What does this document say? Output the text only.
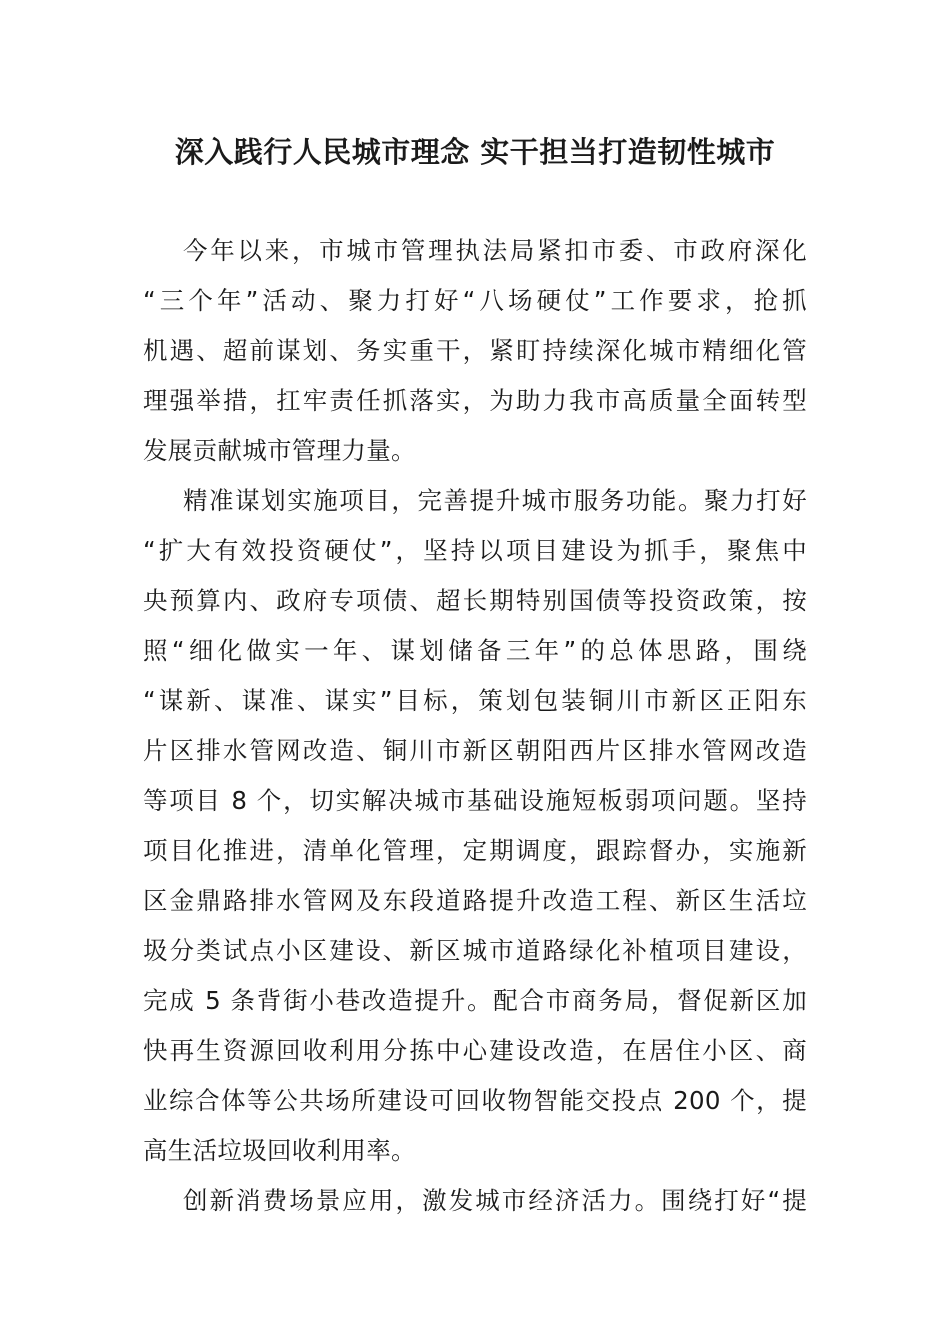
深入践行人民城市理念 实干担当打造韧性城市
今年以来，市城市管理执法局紧扣市委、市政府深化
“三个年”活动、聚力打好“八场硬仗”工作要求，抢抓
机遇、超前谋划、务实重干，紧盯持续深化城市精细化管
理强举措，扛牢责任抓落实，为助力我市高质量全面转型
发展贡献城市管理力量。
精准谋划实施项目，完善提升城市服务功能。聚力打好
“扩大有效投资硬仗”，坚持以项目建设为抓手，聚焦中
央预算内、政府专项债、超长期特别国债等投资政策，按
照“细化做实一年、谋划储备三年”的总体思路，围绕
“谋新、谋准、谋实”目标，策划包装铜川市新区正阳东
片区排水管网改造、铜川市新区朝阳西片区排水管网改造
等项目 8 个，切实解决城市基础设施短板弱项问题。坚持
项目化推进，清单化管理，定期调度，跟踪督办，实施新
区金鼎路排水管网及东段道路提升改造工程、新区生活垃
圾分类试点小区建设、新区城市道路绿化补植项目建设，
完成 5 条背街小巷改造提升。配合市商务局，督促新区加
快再生资源回收利用分拣中心建设改造，在居住小区、商
业综合体等公共场所建设可回收物智能交投点 200 个，提
高生活垃圾回收利用率。
创新消费场景应用，激发城市经济活力。围绕打好“提
